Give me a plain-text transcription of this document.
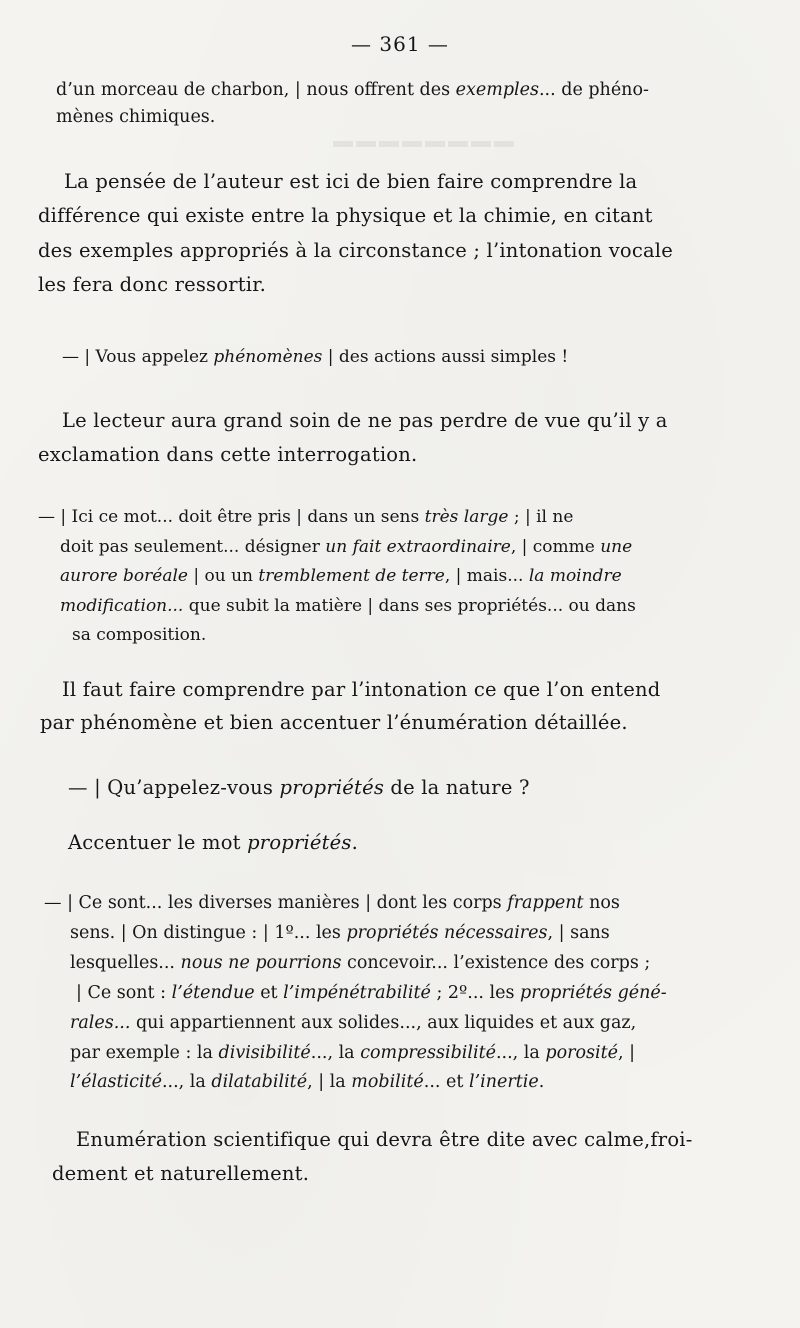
▬▬▬▬▬▬▬▬
— 361 —
d’un morceau de charbon, | nous offrent des exemples... de phéno-
mènes chimiques.
La pensée de l’auteur est ici de bien faire comprendre la
différence qui existe entre la physique et la chimie, en citant
des exemples appropriés à la circonstance ; l’intonation vocale
les fera donc ressortir.
— | Vous appelez phénomènes | des actions aussi simples !
Le lecteur aura grand soin de ne pas perdre de vue qu’il y a
exclamation dans cette interrogation.
— | Ici ce mot... doit être pris | dans un sens très large ; | il ne
doit pas seulement... désigner un fait extraordinaire, | comme une
aurore boréale | ou un tremblement de terre, | mais... la moindre
modification... que subit la matière | dans ses propriétés... ou dans
sa composition.
Il faut faire comprendre par l’intonation ce que l’on entend
par phénomène et bien accentuer l’énumération détaillée.
— | Qu’appelez-vous propriétés de la nature ?
Accentuer le mot propriétés.
— | Ce sont... les diverses manières | dont les corps frappent nos
sens. | On distingue : | 1º... les propriétés nécessaires, | sans
lesquelles... nous ne pourrions concevoir... l’existence des corps ;
| Ce sont : l’étendue et l’impénétrabilité ; 2º... les propriétés géné-
rales... qui appartiennent aux solides..., aux liquides et aux gaz,
par exemple : la divisibilité..., la compressibilité..., la porosité, |
l’élasticité..., la dilatabilité, | la mobilité... et l’inertie.
Enumération scientifique qui devra être dite avec calme,froi-
dement et naturellement.
